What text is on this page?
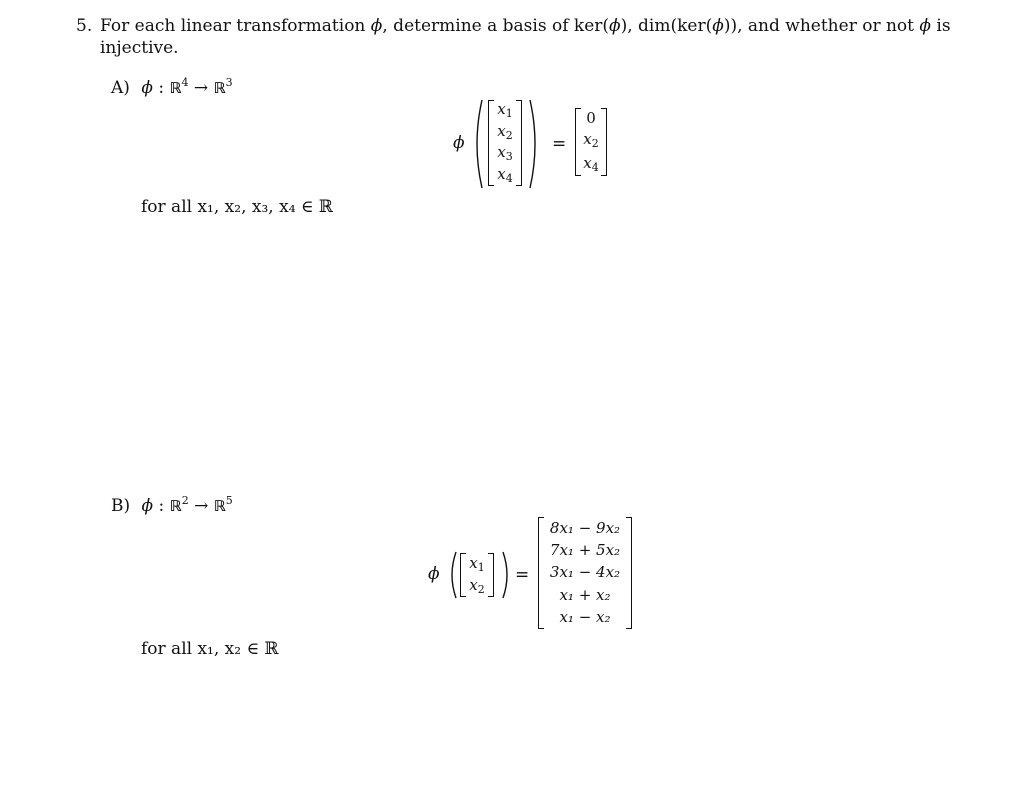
5. For each linear transformation ϕ, determine a basis of ker(ϕ), dim(ker(ϕ)), and whether or not ϕ is
injective.
A) ϕ : ℝ$^4$ → ℝ$^3$
ϕ
$x_1$
$x_2$
$x_3$
$x_4$
=
0
$x_2$
$x_4$
for all x₁, x₂, x₃, x₄ ∈ ℝ
B) ϕ : ℝ$^2$ → ℝ$^5$
ϕ
$x_1$
$x_2$
=
8x₁ − 9x₂
7x₁ + 5x₂
3x₁ − 4x₂
x₁ + x₂
x₁ − x₂
for all x₁, x₂ ∈ ℝ
